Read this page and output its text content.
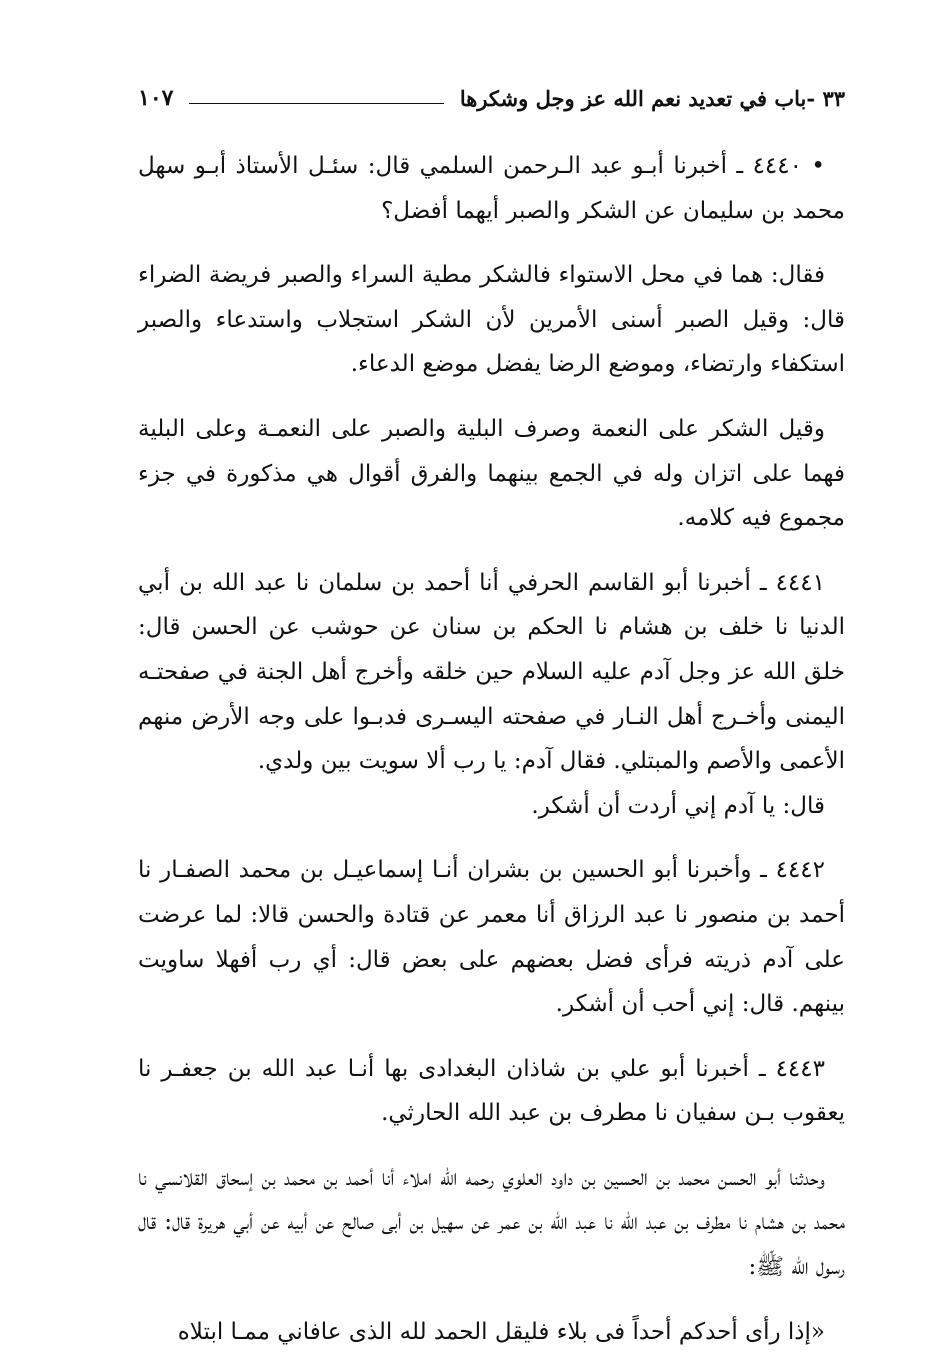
٣٣ -باب في تعديد نعم الله عز وجل وشكرها
١٠٧

• ٤٤٤٠ ـ أخبرنا أبـو عبد الـرحمن السلمي قال: سئـل الأستاذ أبـو سهل محمد بن سليمان عن الشكر والصبر أيهما أفضل؟

فقال: هما في محل الاستواء فالشكر مطية السراء والصبر فريضة الضراء قال: وقيل الصبر أسنى الأمرين لأن الشكر استجلاب واستدعاء والصبر استكفاء وارتضاء، وموضع الرضا يفضل موضع الدعاء.

وقيل الشكر على النعمة وصرف البلية والصبر على النعمـة وعلى البلية فهما على اتزان وله في الجمع بينهما والفرق أقوال هي مذكورة في جزء مجموع فيه كلامه.

٤٤٤١ ـ أخبرنا أبو القاسم الحرفي أنا أحمد بن سلمان نا عبد الله بن أبي الدنيا نا خلف بن هشام نا الحكم بن سنان عن حوشب عن الحسن قال: خلق الله عز وجل آدم عليه السلام حين خلقه وأخرج أهل الجنة في صفحتـه اليمنى وأخـرج أهل النـار في صفحته اليسـرى فدبـوا على وجه الأرض منهم الأعمى والأصم والمبتلي. فقال آدم: يا رب ألا سويت بين ولدي.

قال: يا آدم إني أردت أن أشكر.

٤٤٤٢ ـ وأخبرنا أبو الحسين بن بشران أنـا إسماعيـل بن محمد الصفـار نا أحمد بن منصور نا عبد الرزاق أنا معمر عن قتادة والحسن قالا: لما عرضت على آدم ذريته فرأى فضل بعضهم على بعض قال: أي رب أفهلا ساويت بينهم. قال: إني أحب أن أشكر.

٤٤٤٣ ـ أخبرنا أبو علي بن شاذان البغدادى بها أنـا عبد الله بن جعفـر نا يعقوب بـن سفيان نا مطرف بن عبد الله الحارثي.

وحدثنا أبو الحسن محمد بن الحسين بن داود العلوي رحمه الله املاء أنا أحمد بن محمد بن إسحاق القلانسي نا محمد بن هشام نا مطرف بن عبد الله نا عبد الله بن عمر عن سهيل بن أبى صالح عن أبيه عن أبي هريرة قال: قال رسول الله ﷺ:

«إذا رأى أحدكم أحداً فى بلاء فليقل الحمد لله الذى عافاني ممـا ابتلاه
